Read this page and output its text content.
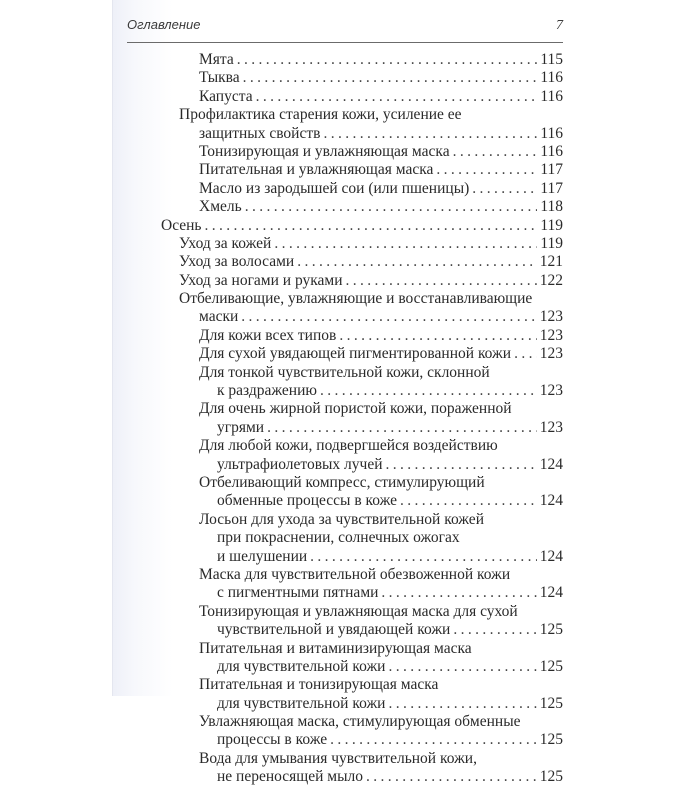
Оглавление	7
Мята . . .	115
Тыква . . .	116
Капуста . . .	116
Профилактика старения кожи, усиление ее
защитных свойств . . .	116
Тонизирующая и увлажняющая маска . . .	116
Питательная и увлажняющая маска . . .	117
Масло из зародышей сои (или пшеницы) . . .	117
Хмель . . .	118
Осень . . .	119
Уход за кожей . . .	119
Уход за волосами . . .	121
Уход за ногами и руками . . .	122
Отбеливающие, увлажняющие и восстанавливающие
маски . . .	123
Для кожи всех типов . . .	123
Для сухой увядающей пигментированной кожи . . . 123
Для тонкой чувствительной кожи, склонной
к раздражению . . .	123
Для очень жирной пористой кожи, пораженной
угрями . . .	123
Для любой кожи, подвергшейся воздействию
ультрафиолетовых лучей . . .	124
Отбеливающий компресс, стимулирующий
обменные процессы в коже . . .	124
Лосьон для ухода за чувствительной кожей
при покраснении, солнечных ожогах
и шелушении . . .	124
Маска для чувствительной обезвоженной кожи
с пигментными пятнами . . .	124
Тонизирующая и увлажняющая маска для сухой
чувствительной и увядающей кожи . . .	125
Питательная и витаминизирующая маска
для чувствительной кожи . . .	125
Питательная и тонизирующая маска
для чувствительной кожи . . .	125
Увлажняющая маска, стимулирующая обменные
процессы в коже . . .	125
Вода для умывания чувствительной кожи,
не переносящей мыло . . .	125
